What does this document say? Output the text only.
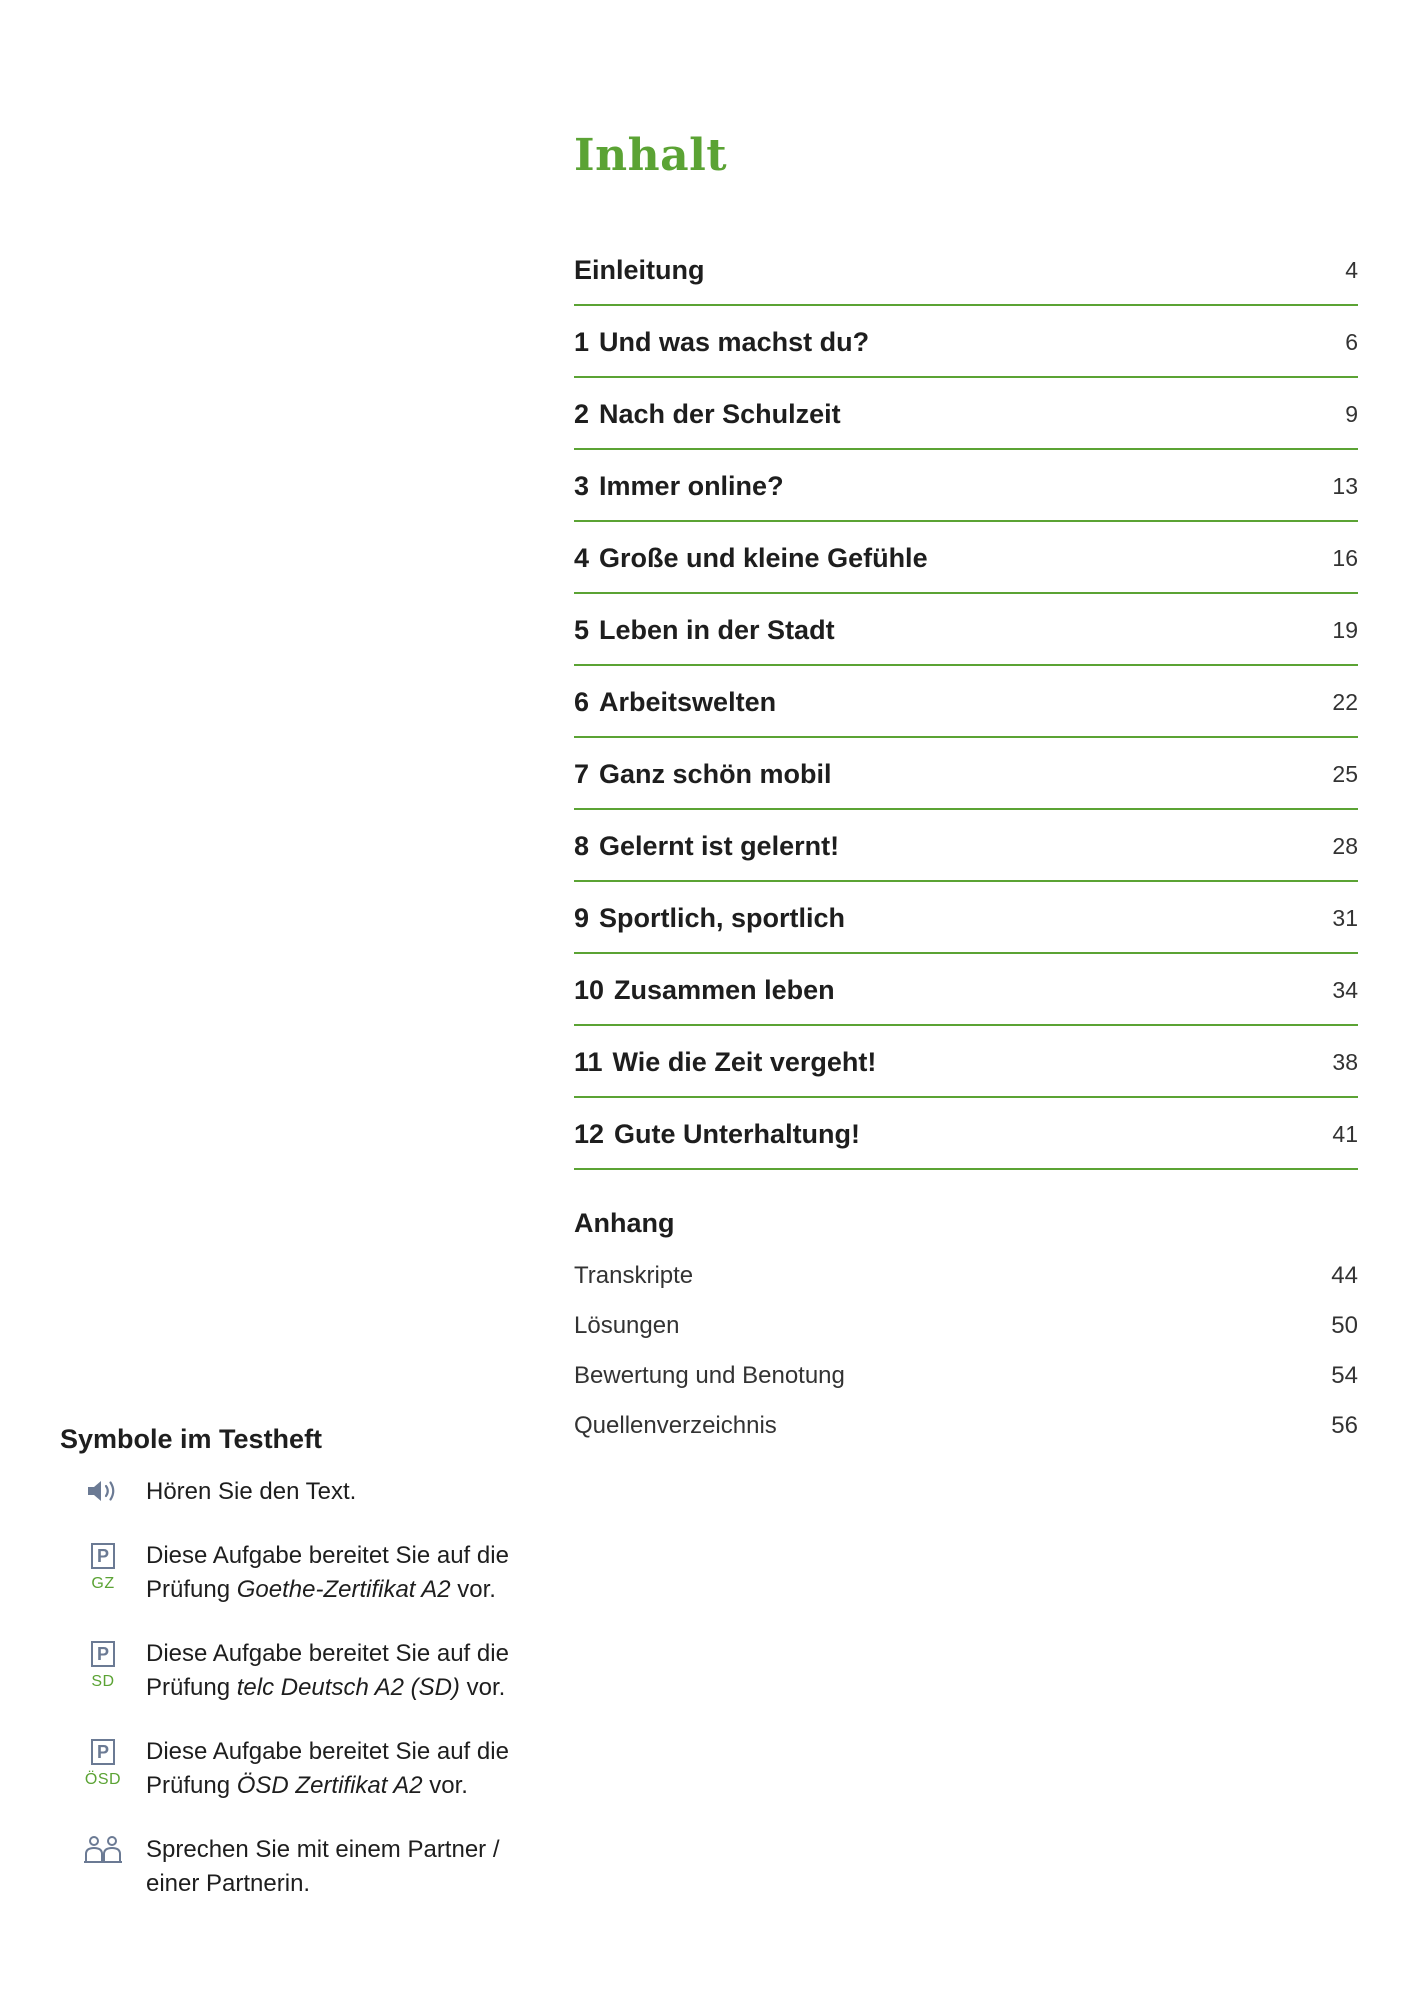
Inhalt
Einleitung	4
1 Und was machst du?	6
2 Nach der Schulzeit	9
3 Immer online?	13
4 Große und kleine Gefühle	16
5 Leben in der Stadt	19
6 Arbeitswelten	22
7 Ganz schön mobil	25
8 Gelernt ist gelernt!	28
9 Sportlich, sportlich	31
10 Zusammen leben	34
11 Wie die Zeit vergeht!	38
12 Gute Unterhaltung!	41
Anhang
Transkripte	44
Lösungen	50
Bewertung und Benotung	54
Quellenverzeichnis	56
Symbole im Testheft
Hören Sie den Text.
P
GZ
Diese Aufgabe bereitet Sie auf die
Prüfung Goethe-Zertifikat A2 vor.
P
SD
Diese Aufgabe bereitet Sie auf die
Prüfung telc Deutsch A2 (SD) vor.
P
ÖSD
Diese Aufgabe bereitet Sie auf die
Prüfung ÖSD Zertifikat A2 vor.
Sprechen Sie mit einem Partner /
einer Partnerin.
